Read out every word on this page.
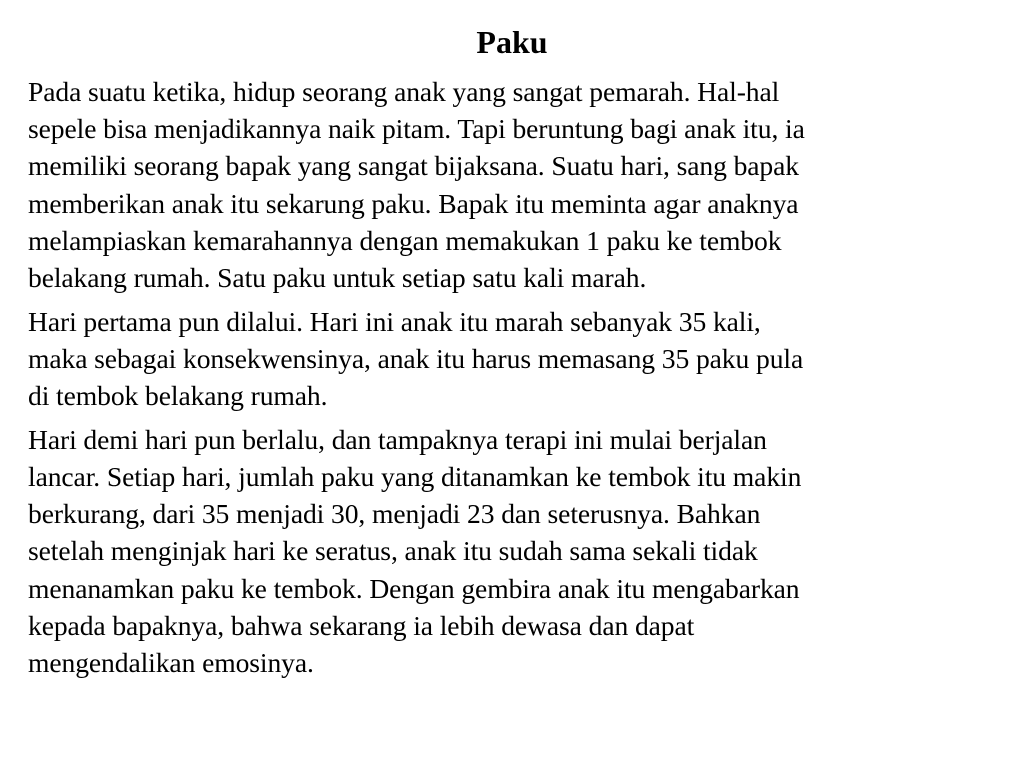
Paku

Pada suatu ketika, hidup seorang anak yang sangat pemarah. Hal-hal
sepele bisa menjadikannya naik pitam. Tapi beruntung bagi anak itu, ia
memiliki seorang bapak yang sangat bijaksana. Suatu hari, sang bapak
memberikan anak itu sekarung paku. Bapak itu meminta agar anaknya
melampiaskan kemarahannya dengan memakukan 1 paku ke tembok
belakang rumah. Satu paku untuk setiap satu kali marah.

Hari pertama pun dilalui. Hari ini anak itu marah sebanyak 35 kali,
maka sebagai konsekwensinya, anak itu harus memasang 35 paku pula
di tembok belakang rumah.

Hari demi hari pun berlalu, dan tampaknya terapi ini mulai berjalan
lancar. Setiap hari, jumlah paku yang ditanamkan ke tembok itu makin
berkurang, dari 35 menjadi 30, menjadi 23 dan seterusnya. Bahkan
setelah menginjak hari ke seratus, anak itu sudah sama sekali tidak
menanamkan paku ke tembok. Dengan gembira anak itu mengabarkan
kepada bapaknya, bahwa sekarang ia lebih dewasa dan dapat
mengendalikan emosinya.
